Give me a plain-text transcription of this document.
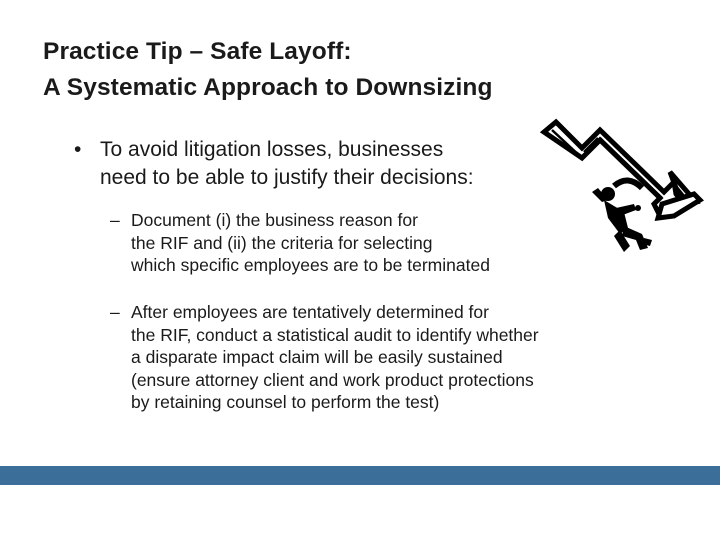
Practice Tip – Safe Layoff:
A Systematic Approach to Downsizing
• To avoid litigation losses, businesses
need to be able to justify their decisions:
– Document (i) the business reason for
the RIF and (ii) the criteria for selecting
which specific employees are to be terminated
– After employees are tentatively determined for
the RIF, conduct a statistical audit to identify whether
a disparate impact claim will be easily sustained
(ensure attorney client and work product protections
by retaining counsel to perform the test)
